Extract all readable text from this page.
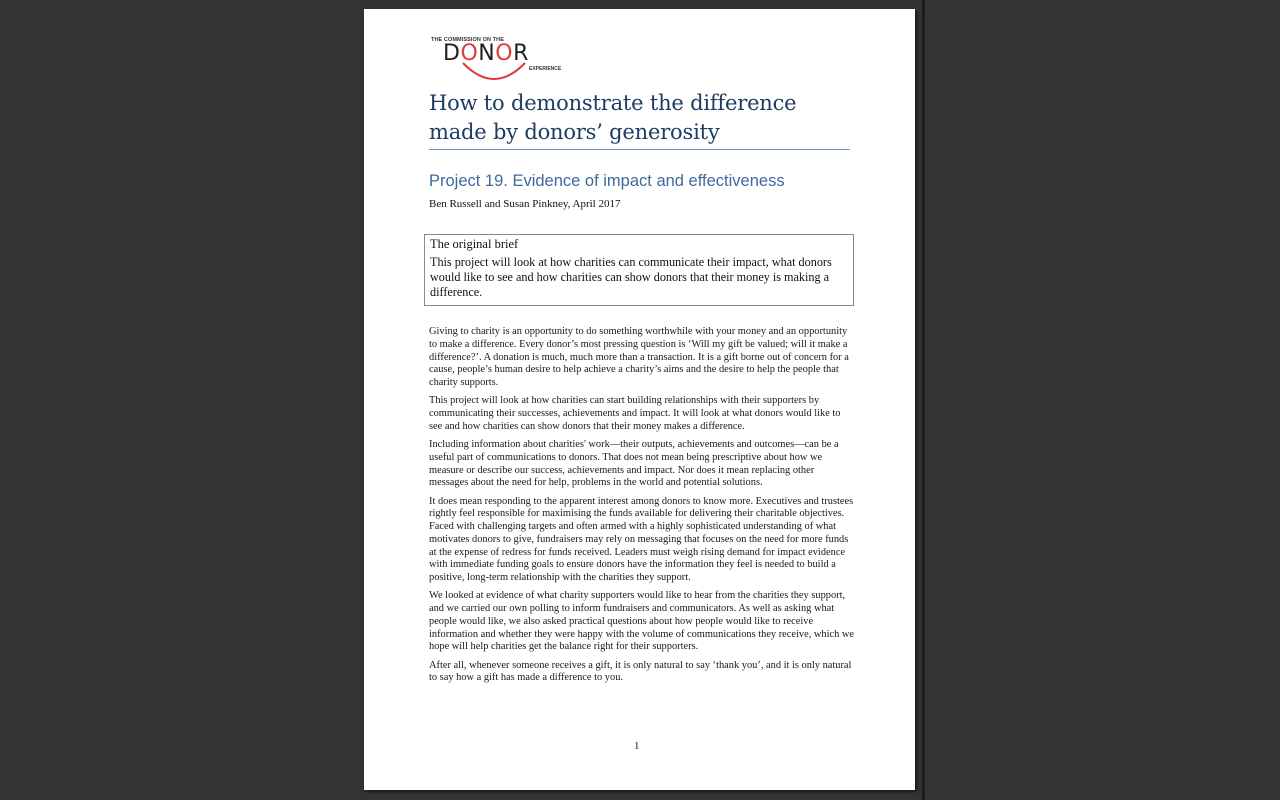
THE COMMISSION ON THE
DONOR
EXPERIENCE
How to demonstrate the difference made by donors’ generosity
Project 19. Evidence of impact and effectiveness
Ben Russell and Susan Pinkney, April 2017
The original brief
This project will look at how charities can communicate their impact, what donors would like to see and how charities can show donors that their money is making a difference.

Giving to charity is an opportunity to do something worthwhile with your money and an opportunity to make a difference. Every donor’s most pressing question is ‘Will my gift be valued; will it make a difference?’. A donation is much, much more than a transaction. It is a gift borne out of concern for a cause, people’s human desire to help achieve a charity’s aims and the desire to help the people that charity supports.

This project will look at how charities can start building relationships with their supporters by communicating their successes, achievements and impact. It will look at what donors would like to see and how charities can show donors that their money makes a difference.

Including information about charities' work—their outputs, achievements and outcomes—can be a useful part of communications to donors. That does not mean being prescriptive about how we measure or describe our success, achievements and impact. Nor does it mean replacing other messages about the need for help, problems in the world and potential solutions.

It does mean responding to the apparent interest among donors to know more. Executives and trustees rightly feel responsible for maximising the funds available for delivering their charitable objectives. Faced with challenging targets and often armed with a highly sophisticated understanding of what motivates donors to give, fundraisers may rely on messaging that focuses on the need for more funds at the expense of redress for funds received. Leaders must weigh rising demand for impact evidence with immediate funding goals to ensure donors have the information they feel is needed to build a positive, long-term relationship with the charities they support.

We looked at evidence of what charity supporters would like to hear from the charities they support, and we carried our own polling to inform fundraisers and communicators. As well as asking what people would like, we also asked practical questions about how people would like to receive information and whether they were happy with the volume of communications they receive, which we hope will help charities get the balance right for their supporters.

After all, whenever someone receives a gift, it is only natural to say ‘thank you’, and it is only natural to say how a gift has made a difference to you.

1
